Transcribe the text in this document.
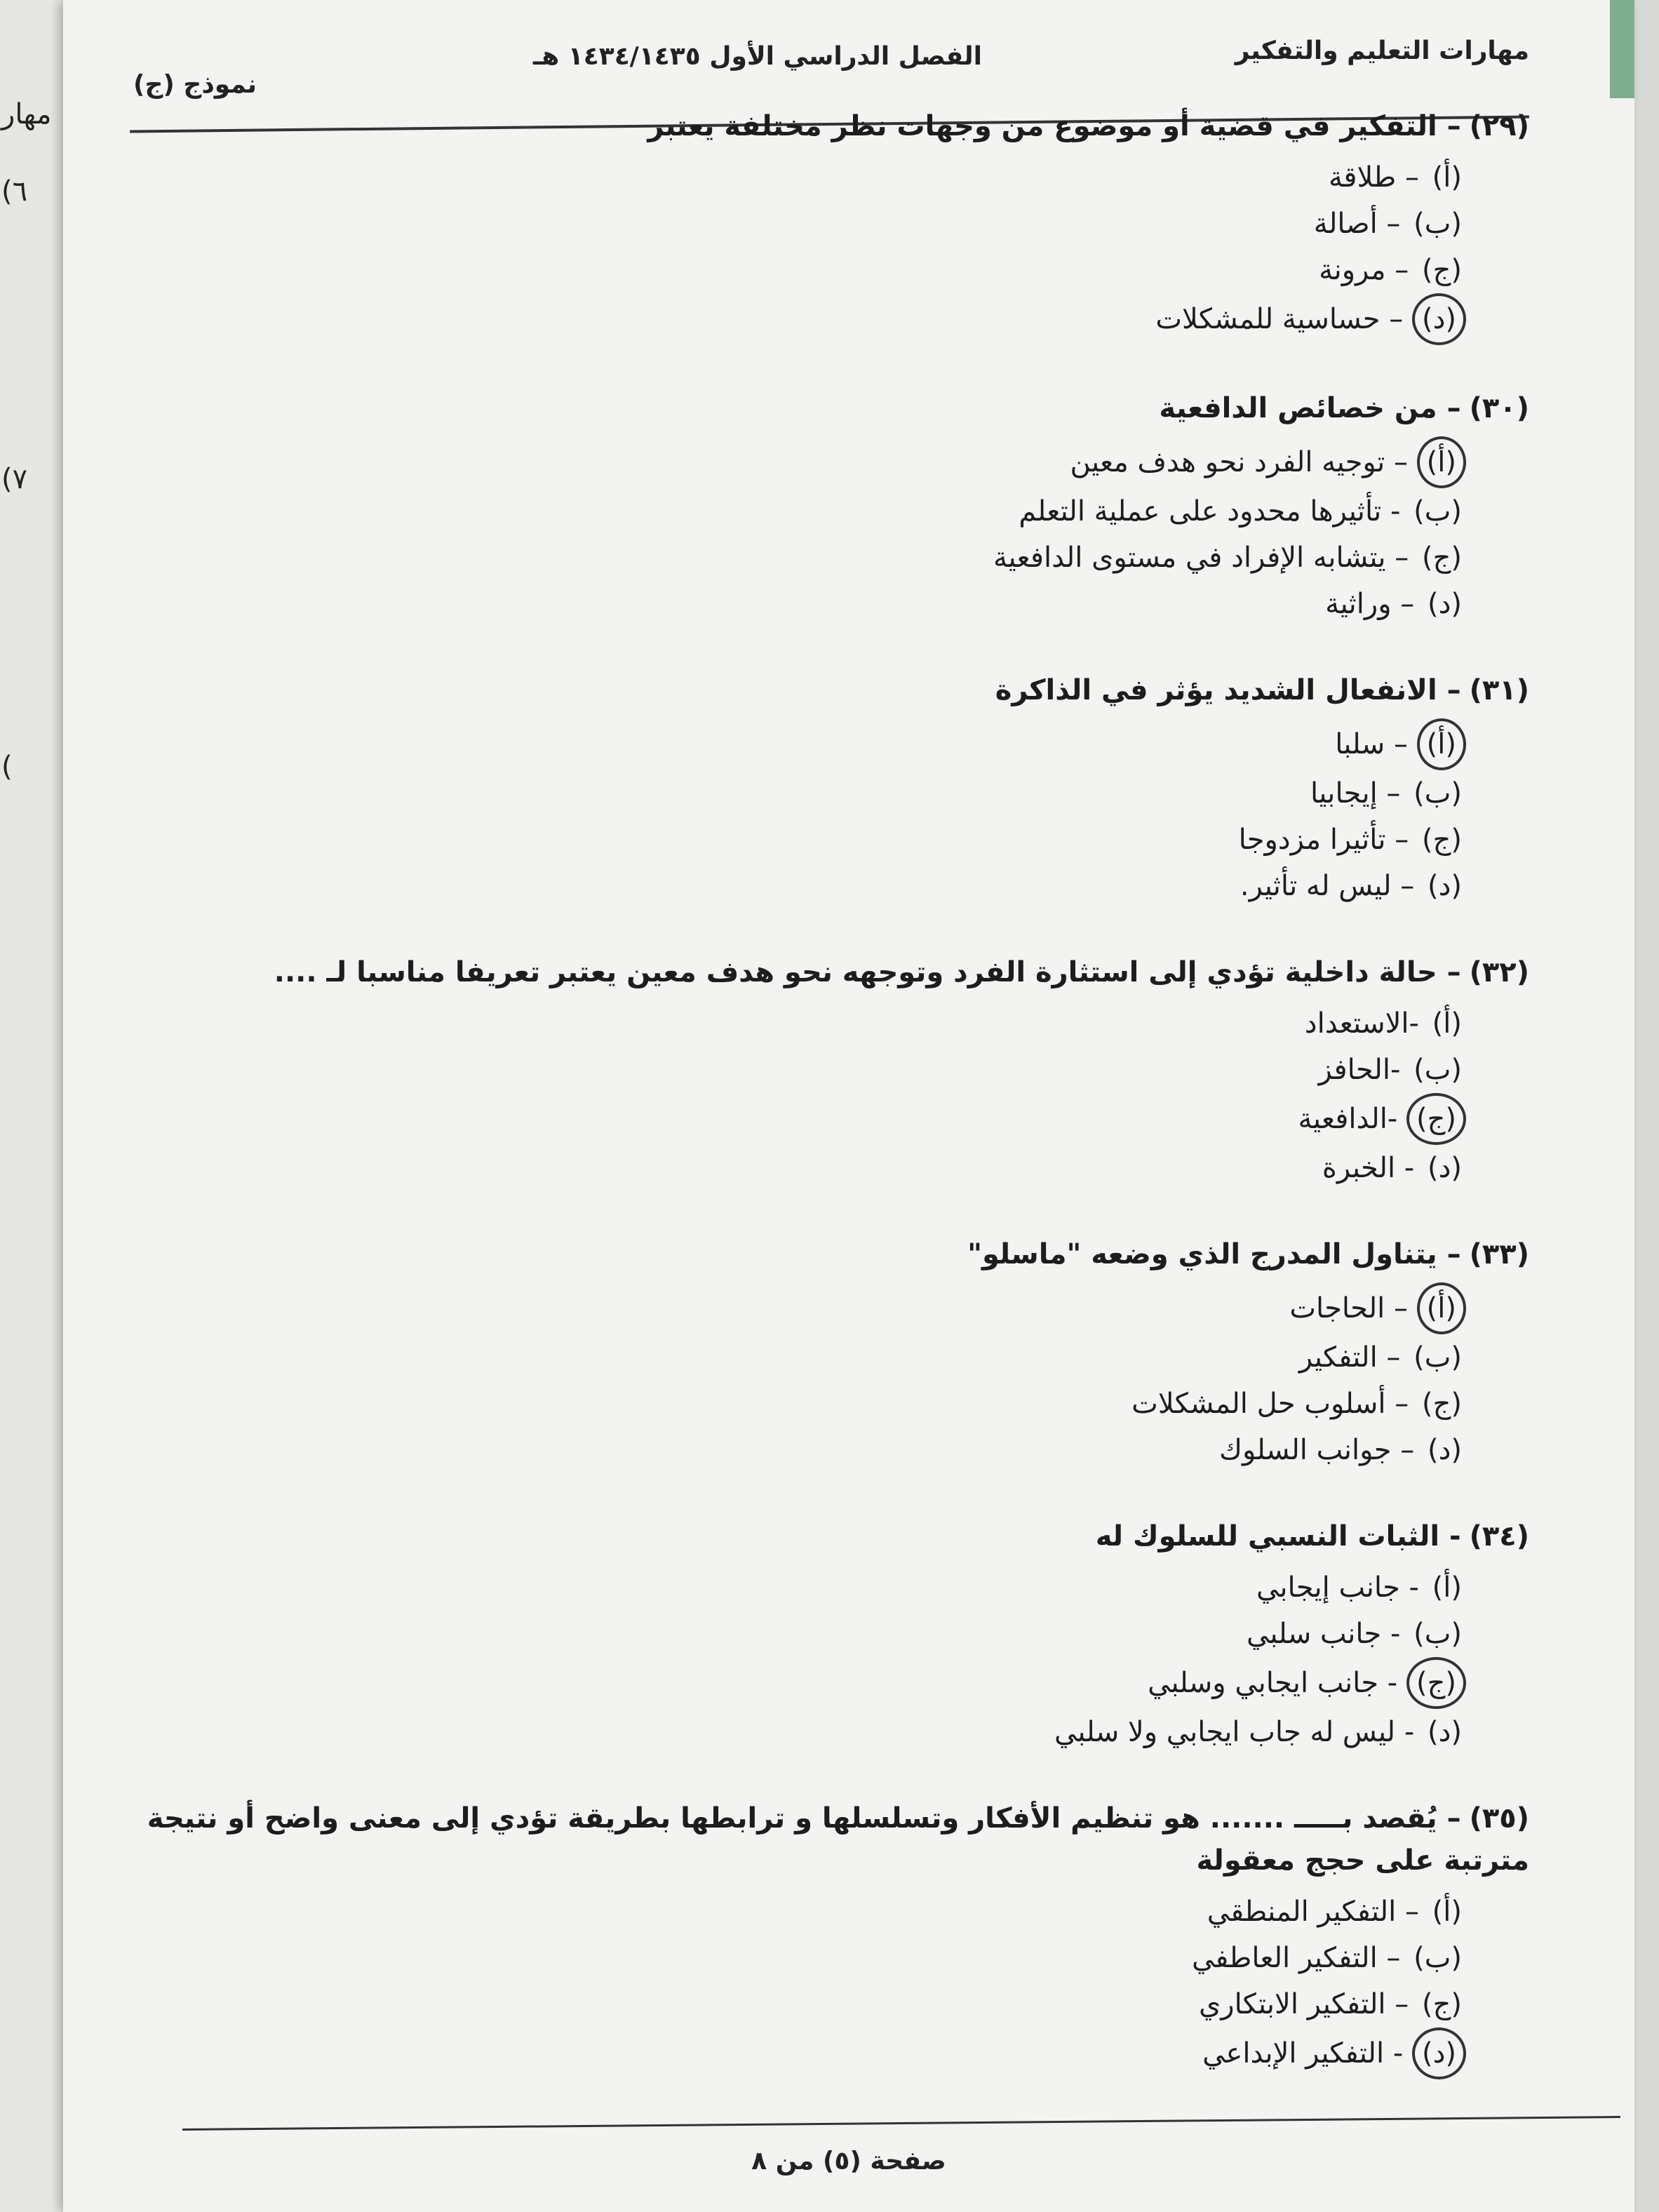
مهار
٦)
٧)
)
مهارات التعليم والتفكير
الفصل الدراسي الأول ١٤٣٤/١٤٣٥ هـ
نموذج (ج)
(٢٩)– التفكير في قضية أو موضوع من وجهات نظر مختلفة يعتبر
(أ) – طلاقة
(ب) – أصالة
(ج) – مرونة
(د) – حساسية للمشكلات
(٣٠)– من خصائص الدافعية
(أ) – توجيه الفرد نحو هدف معين
(ب) - تأثيرها محدود على عملية التعلم
(ج) – يتشابه الإفراد في مستوى الدافعية
(د) – وراثية
(٣١)– الانفعال الشديد يؤثر في الذاكرة
(أ) – سلبا
(ب) – إيجابيا
(ج) – تأثيرا مزدوجا
(د) – ليس له تأثير.
(٣٢)– حالة داخلية تؤدي إلى استثارة الفرد وتوجهه نحو هدف معين يعتبر تعريفا مناسبا لـ ....
(أ) -الاستعداد
(ب) -الحافز
(ج) -الدافعية
(د) - الخبرة
(٣٣)– يتناول المدرج الذي وضعه "ماسلو"
(أ) – الحاجات
(ب) – التفكير
(ج) – أسلوب حل المشكلات
(د) – جوانب السلوك
(٣٤)- الثبات النسبي للسلوك له
(أ) - جانب إيجابي
(ب) - جانب سلبي
(ج) - جانب ايجابي وسلبي
(د) - ليس له جاب ايجابي ولا سلبي
(٣٥)– يُقصد بـــــ ....... هو تنظيم الأفكار وتسلسلها و ترابطها بطريقة تؤدي إلى معنى واضح أو نتيجة مترتبة على حجج معقولة
(أ) – التفكير المنطقي
(ب) – التفكير العاطفي
(ج) – التفكير الابتكاري
(د) - التفكير الإبداعي
صفحة (٥) من ٨
